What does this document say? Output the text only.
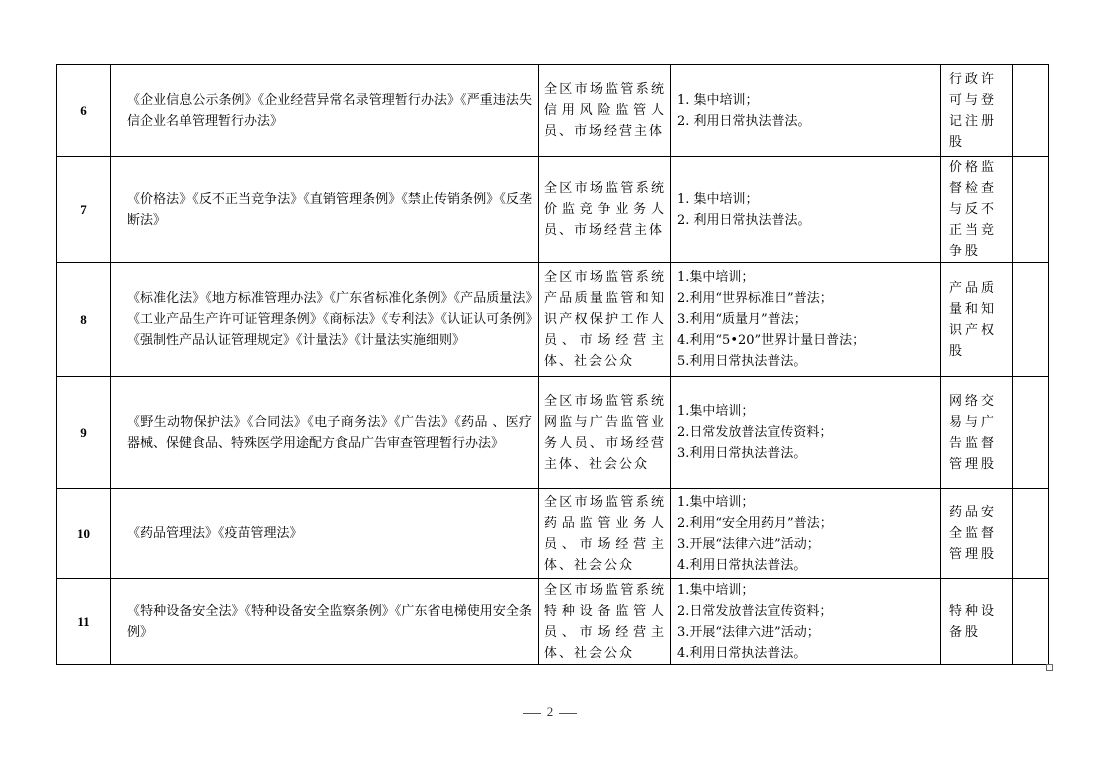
6	《企业信息公示条例》《企业经营异常名录管理暂行办法》《严重违法失信企业名单管理暂行办法》	全区市场监管系统信用风险监管人员、市场经营主体	1. 集中培训；
2. 利用日常执法普法。	行政许可与登记注册股	
7	《价格法》《反不正当竞争法》《直销管理条例》《禁止传销条例》《反垄断法》	全区市场监管系统价监竞争业务人员、市场经营主体	1. 集中培训；
2. 利用日常执法普法。	价格监督检查与反不正当竞争股	
8	《标准化法》《地方标准管理办法》《广东省标准化条例》《产品质量法》《工业产品生产许可证管理条例》《商标法》《专利法》《认证认可条例》《强制性产品认证管理规定》《计量法》《计量法实施细则》	全区市场监管系统产品质量监管和知识产权保护工作人员、市场经营主体、社会公众	1.集中培训；
2.利用“世界标准日”普法；
3.利用“质量月”普法；
4.利用“5•20”世界计量日普法；
5.利用日常执法普法。	产品质量和知识产权股	
9	《野生动物保护法》《合同法》《电子商务法》《广告法》《药品 、医疗器械、保健食品、特殊医学用途配方食品广告审查管理暂行办法》	全区市场监管系统网监与广告监管业务人员、市场经营主体、社会公众	1.集中培训；
2.日常发放普法宣传资料；
3.利用日常执法普法。	网络交易与广告监督管理股	
10	《药品管理法》《疫苗管理法》	全区市场监管系统药品监管业务人员、市场经营主体、社会公众	1.集中培训；
2.利用“安全用药月”普法；
3.开展“法律六进”活动；
4.利用日常执法普法。	药品安全监督管理股	
11	《特种设备安全法》《特种设备安全监察条例》《广东省电梯使用安全条例》	全区市场监管系统特种设备监管人员、市场经营主体、社会公众	1.集中培训；
2.日常发放普法宣传资料；
3.开展“法律六进”活动；
4.利用日常执法普法。	特种设备股	
2
